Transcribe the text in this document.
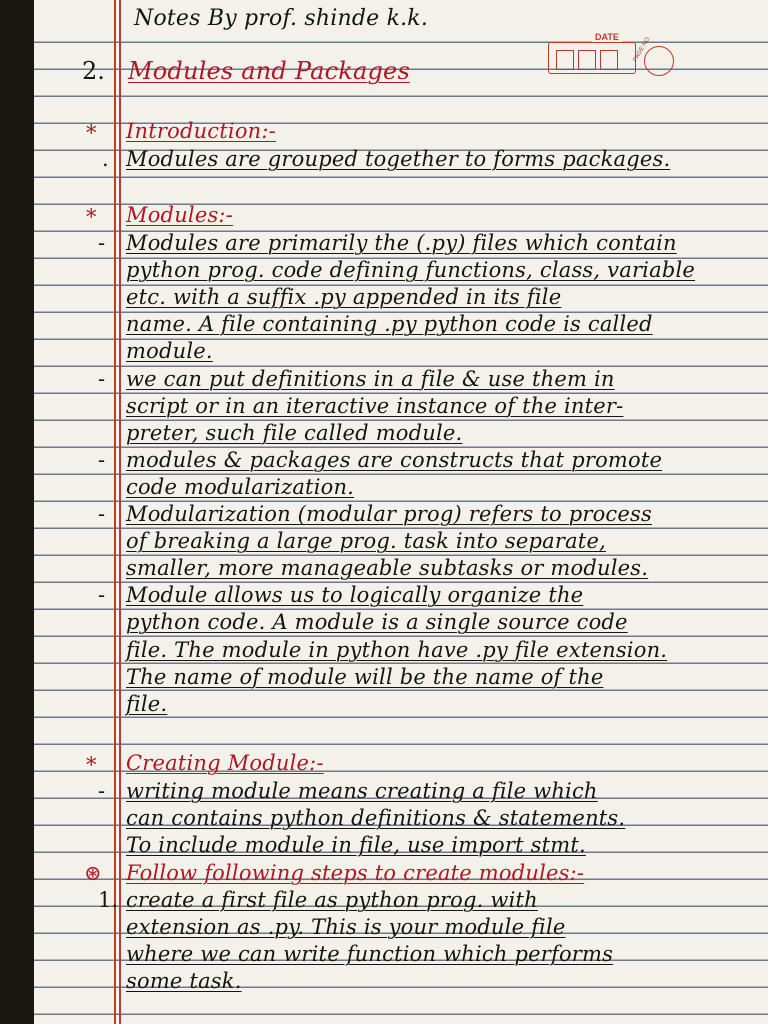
DATE	PAGE NO.
Notes By prof. shinde k.k.
2. Modules and Packages
* Introduction:-
. Modules are grouped together to forms packages.
* Modules:-
- Modules are primarily the (.py) files which contain
python prog. code defining functions, class, variable
etc. with a suffix .py appended in its file
name. A file containing .py python code is called
module.
- we can put definitions in a file & use them in
script or in an iteractive instance of the inter-
preter, such file called module.
- modules & packages are constructs that promote
code modularization.
- Modularization (modular prog) refers to process
of breaking a large prog. task into separate,
smaller, more manageable subtasks or modules.
- Module allows us to logically organize the
python code. A module is a single source code
file. The module in python have .py file extension.
The name of module will be the name of the
file.
* Creating Module:-
- writing module means creating a file which
can contains python definitions & statements.
To include module in file, use import stmt.
⊛ Follow following steps to create modules:-
1. create a first file as python prog. with
extension as .py. This is your module file
where we can write function which performs
some task.
